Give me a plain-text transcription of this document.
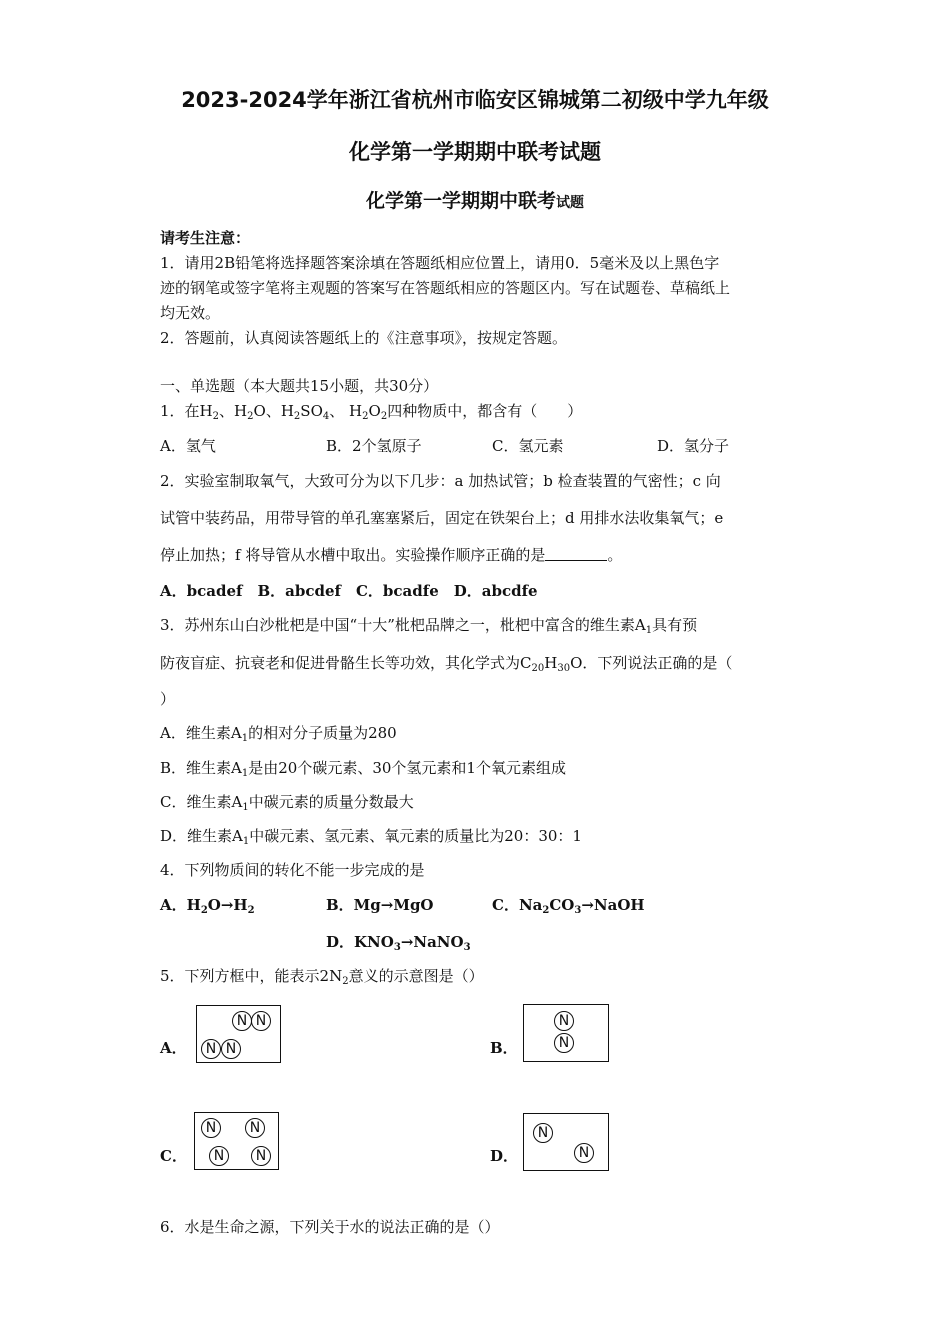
2023-2024学年浙江省杭州市临安区锦城第二初级中学九年级
化学第一学期期中联考试题
化学第一学期期中联考试题
请考生注意：
1．请用2B铅笔将选择题答案涂填在答题纸相应位置上，请用0．5毫米及以上黑色字
迹的钢笔或签字笔将主观题的答案写在答题纸相应的答题区内。写在试题卷、草稿纸上
均无效。
2．答题前，认真阅读答题纸上的《注意事项》，按规定答题。
一、单选题（本大题共15小题，共30分）
1．在$H_2$、$H_2O$、$H_2SO_4$、 $H_2O_2$四种物质中，都含有（　　）
A．氢气	B．2个氢原子	C．氢元素	D．氢分子
2．实验室制取氧气，大致可分为以下几步：a 加热试管；b 检查装置的气密性；c 向
试管中装药品，用带导管的单孔塞塞紧后，固定在铁架台上；d 用排水法收集氧气；e
停止加热；f 将导管从水槽中取出。实验操作顺序正确的是	。
A．bcadef　B．abcdef　C．bcadfe　D．abcdfe
3．苏州东山白沙枇杷是中国“十大”枇杷品牌之一，枇杷中富含的维生素$A_1$具有预
防夜盲症、抗衰老和促进骨骼生长等功效，其化学式为$C_{20}H_{30}O$．下列说法正确的是（
）
A．维生素$A_1$的相对分子质量为280
B．维生素$A_1$是由20个碳元素、30个氢元素和1个氧元素组成
C．维生素$A_1$中碳元素的质量分数最大
D．维生素$A_1$中碳元素、氢元素、氧元素的质量比为20：30：1
4．下列物质间的转化不能一步完成的是
A．$H_2O\to H_2$	B．Mg→MgO	C．$Na_2CO_3\to NaOH$
D．$KNO_3\to NaNO_3$
5．下列方框中，能表示$2N_2$意义的示意图是（）
A．
N N
N N	B．
N
N
C．
N	N
N	N	D．
N
N
6．水是生命之源，下列关于水的说法正确的是（）
